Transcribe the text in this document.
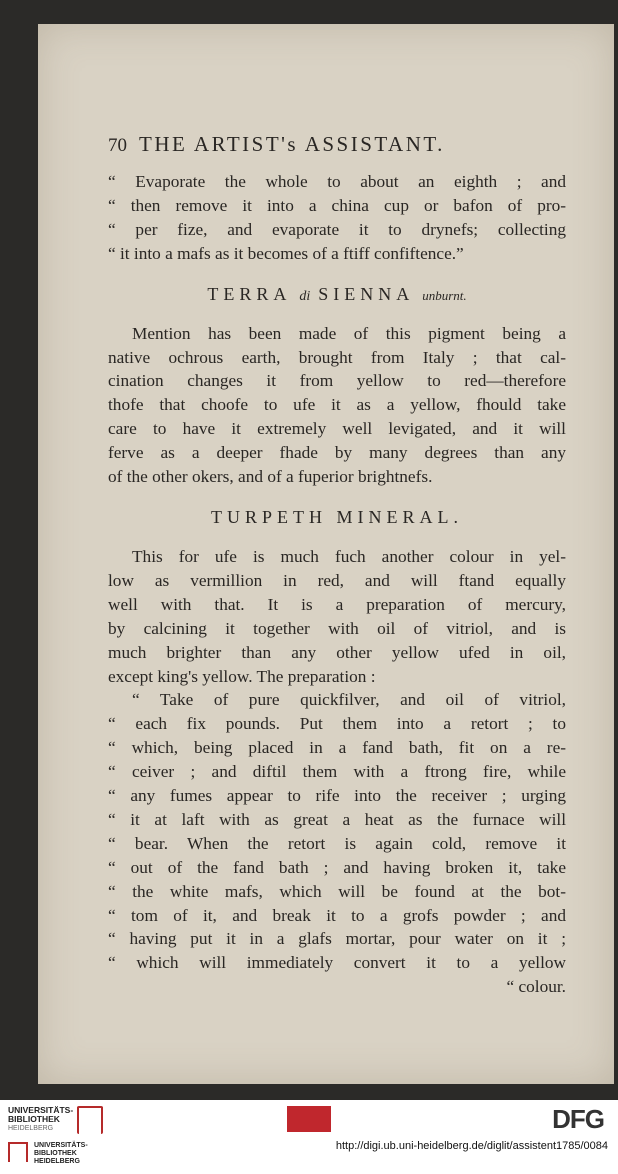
70 THE ARTIST's ASSISTANT.
“ Evaporate the whole to about an eighth ; and
“ then remove it into a china cup or bafon of pro-
“ per fize, and evaporate it to drynefs; collecting
“ it into a mafs as it becomes of a ftiff confiftence.”
TERRA di SIENNA unburnt.
Mention has been made of this pigment being a
native ochrous earth, brought from Italy ; that cal-
cination changes it from yellow to red—therefore
thofe that choofe to ufe it as a yellow, fhould take
care to have it extremely well levigated, and it will
ferve as a deeper fhade by many degrees than any
of the other okers, and of a fuperior brightnefs.
TURPETH MINERAL.
This for ufe is much fuch another colour in yel-
low as vermillion in red, and will ftand equally
well with that. It is a preparation of mercury,
by calcining it together with oil of vitriol, and is
much brighter than any other yellow ufed in oil,
except king's yellow. The preparation :
“ Take of pure quickfilver, and oil of vitriol,
“ each fix pounds. Put them into a retort ; to
“ which, being placed in a fand bath, fit on a re-
“ ceiver ; and diftil them with a ftrong fire, while
“ any fumes appear to rife into the receiver ; urging
“ it at laft with as great a heat as the furnace will
“ bear. When the retort is again cold, remove it
“ out of the fand bath ; and having broken it, take
“ the white mafs, which will be found at the bot-
“ tom of it, and break it to a grofs powder ; and
“ having put it in a glafs mortar, pour water on it ;
“ which will immediately convert it to a yellow
“ colour.
UNIVERSITÄTS-
BIBLIOTHEK
HEIDELBERG
UNIVERSITÄTS-
BIBLIOTHEK
HEIDELBERG
DFG
http://digi.ub.uni-heidelberg.de/diglit/assistent1785/0084
